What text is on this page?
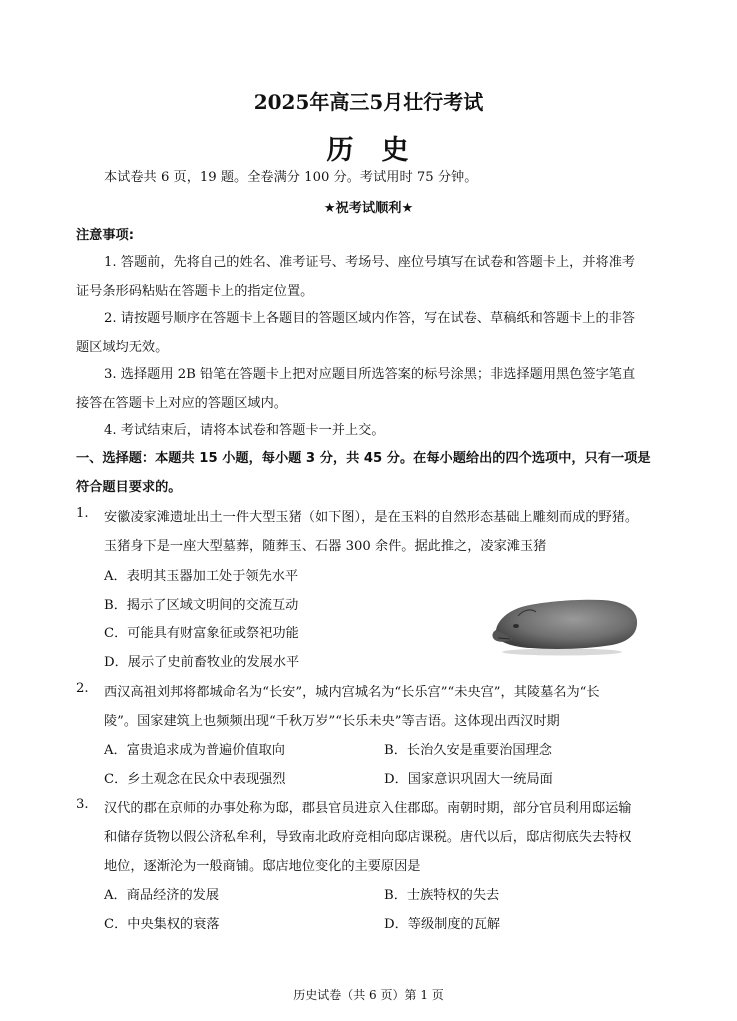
2025年高三5月壮行考试
历 史
本试卷共 6 页，19 题。全卷满分 100 分。考试用时 75 分钟。
★祝考试顺利★
注意事项:
1. 答题前，先将自己的姓名、准考证号、考场号、座位号填写在试卷和答题卡上，并将准考
证号条形码粘贴在答题卡上的指定位置。
2. 请按题号顺序在答题卡上各题目的答题区域内作答，写在试卷、草稿纸和答题卡上的非答
题区域均无效。
3. 选择题用 2B 铅笔在答题卡上把对应题目所选答案的标号涂黑；非选择题用黑色签字笔直
接答在答题卡上对应的答题区域内。
4. 考试结束后，请将本试卷和答题卡一并上交。
一、选择题：本题共 15 小题，每小题 3 分，共 45 分。在每小题给出的四个选项中，只有一项是
符合题目要求的。
1. 安徽凌家滩遗址出土一件大型玉猪（如下图），是在玉料的自然形态基础上雕刻而成的野猪。
玉猪身下是一座大型墓葬，随葬玉、石器 300 余件。据此推之，凌家滩玉猪
A．表明其玉器加工处于领先水平
B．揭示了区域文明间的交流互动
C．可能具有财富象征或祭祀功能
D．展示了史前畜牧业的发展水平
2. 西汉高祖刘邦将都城命名为“长安”，城内宫城名为“长乐宫”“未央宫”，其陵墓名为“长
陵”。国家建筑上也频频出现“千秋万岁”“长乐未央”等吉语。这体现出西汉时期
A．富贵追求成为普遍价值取向	B．长治久安是重要治国理念
C．乡土观念在民众中表现强烈	D．国家意识巩固大一统局面
3. 汉代的郡在京师的办事处称为邸，郡县官员进京入住郡邸。南朝时期，部分官员利用邸运输
和储存货物以假公济私牟利，导致南北政府竞相向邸店课税。唐代以后，邸店彻底失去特权
地位，逐渐沦为一般商铺。邸店地位变化的主要原因是
A．商品经济的发展	B．士族特权的失去
C．中央集权的衰落	D．等级制度的瓦解
历史试卷（共 6 页）第 1 页
